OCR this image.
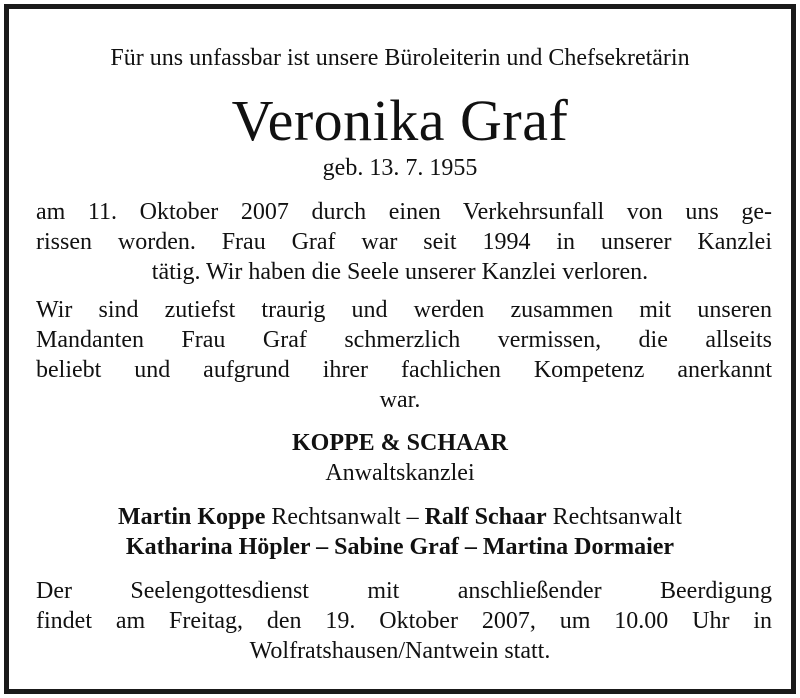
Für uns unfassbar ist unsere Büroleiterin und Chefsekretärin
Veronika Graf
geb. 13. 7. 1955
am 11. Oktober 2007 durch einen Verkehrsunfall von uns ge-
rissen worden. Frau Graf war seit 1994 in unserer Kanzlei
tätig. Wir haben die Seele unserer Kanzlei verloren.
Wir sind zutiefst traurig und werden zusammen mit unseren
Mandanten Frau Graf schmerzlich vermissen, die allseits
beliebt und aufgrund ihrer fachlichen Kompetenz anerkannt
war.
KOPPE & SCHAAR
Anwaltskanzlei
Martin Koppe Rechtsanwalt – Ralf Schaar Rechtsanwalt
Katharina Höpler – Sabine Graf – Martina Dormaier
Der Seelengottesdienst mit anschließender Beerdigung
findet am Freitag, den 19. Oktober 2007, um 10.00 Uhr in
Wolfratshausen/Nantwein statt.
